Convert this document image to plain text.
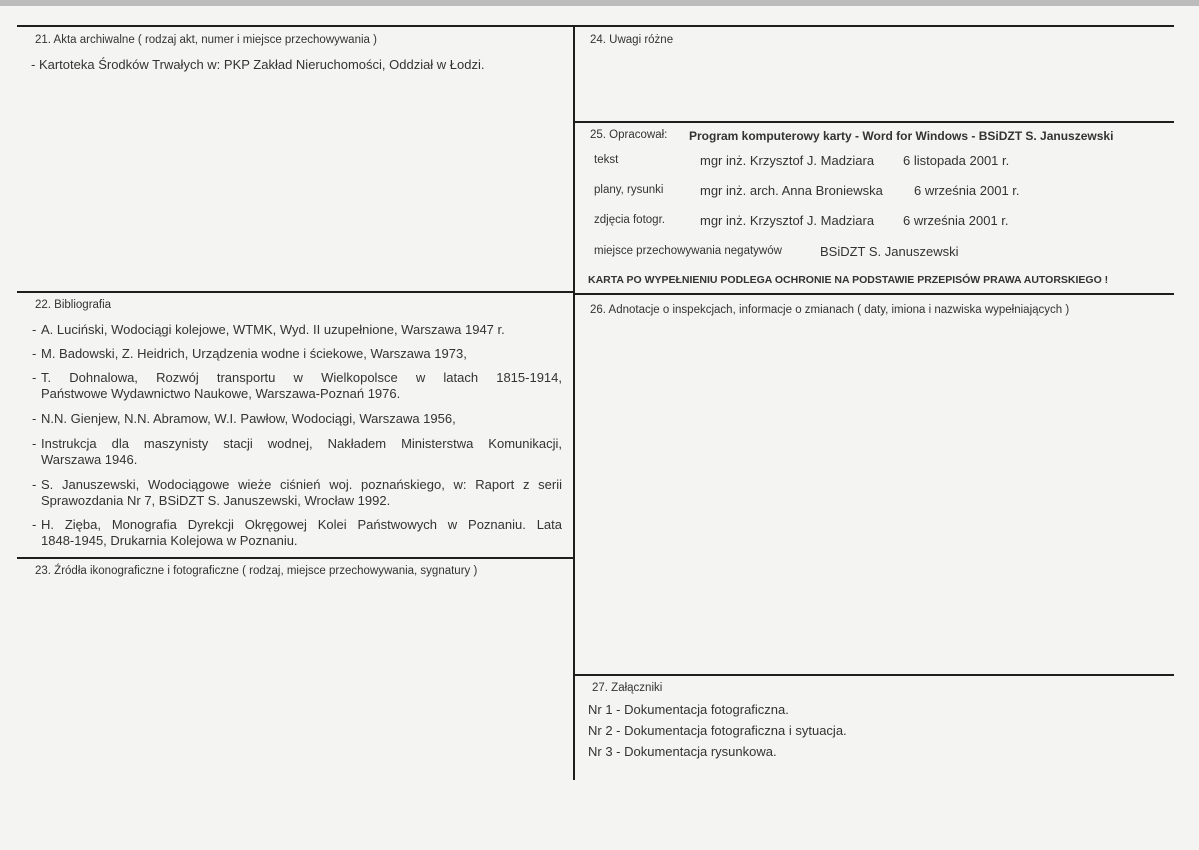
21. Akta archiwalne ( rodzaj akt, numer i miejsce przechowywania )
- Kartoteka Środków Trwałych w: PKP Zakład Nieruchomości, Oddział w Łodzi.
22. Bibliografia
- A. Luciński, Wodociągi kolejowe, WTMK, Wyd. II uzupełnione, Warszawa 1947 r.
- M. Badowski, Z. Heidrich, Urządzenia wodne i ściekowe, Warszawa 1973,
- T. Dohnalowa, Rozwój transportu w Wielkopolsce w latach 1815-1914,
Państwowe Wydawnictwo Naukowe, Warszawa-Poznań 1976.
- N.N. Gienjew, N.N. Abramow, W.I. Pawłow, Wodociągi, Warszawa 1956,
- Instrukcja dla maszynisty stacji wodnej, Nakładem Ministerstwa Komunikacji,
Warszawa 1946.
- S. Januszewski, Wodociągowe wieże ciśnień woj. poznańskiego, w: Raport z serii
Sprawozdania Nr 7, BSiDZT S. Januszewski, Wrocław 1992.
- H. Zięba, Monografia Dyrekcji Okręgowej Kolei Państwowych w Poznaniu. Lata
1848-1945, Drukarnia Kolejowa w Poznaniu.
23. Źródła ikonograficzne i fotograficzne ( rodzaj, miejsce przechowywania, sygnatury )
24. Uwagi różne
25. Opracował: Program komputerowy karty - Word for Windows - BSiDZT S. Januszewski
tekst	mgr inż. Krzysztof J. Madziara 6 listopada 2001 r.
plany, rysunki	mgr inż. arch. Anna Broniewska 6 września 2001 r.
zdjęcia fotogr.	mgr inż. Krzysztof J. Madziara 6 września 2001 r.
miejsce przechowywania negatywów	BSiDZT S. Januszewski
KARTA PO WYPEŁNIENIU PODLEGA OCHRONIE NA PODSTAWIE PRZEPISÓW PRAWA AUTORSKIEGO !
26. Adnotacje o inspekcjach, informacje o zmianach ( daty, imiona i nazwiska wypełniających )
27. Załączniki
Nr 1 - Dokumentacja fotograficzna.
Nr 2 - Dokumentacja fotograficzna i sytuacja.
Nr 3 - Dokumentacja rysunkowa.
